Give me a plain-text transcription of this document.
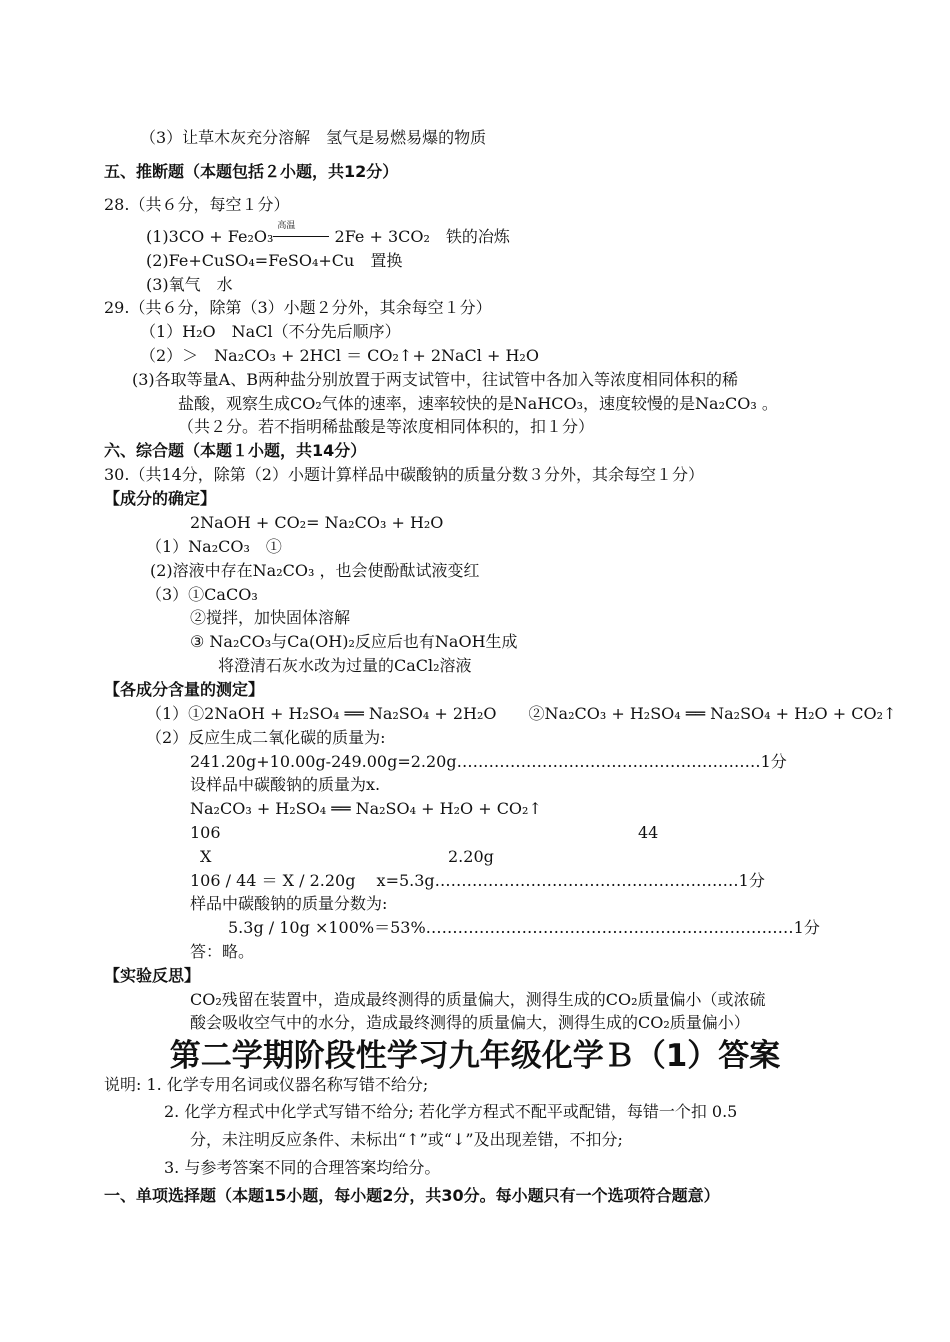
（3）让草木灰充分溶解　氢气是易燃易爆的物质
五、推断题（本题包括２小题，共12分）
28.（共６分，每空１分）
(1)3CO + Fe₂O₃
高温
2Fe + 3CO₂　铁的冶炼
(2)Fe+CuSO₄=FeSO₄+Cu　置换
(3)氧气　水
29.（共６分，除第（3）小题２分外，其余每空１分）
（1）H₂O　NaCl（不分先后顺序）
（2）＞　Na₂CO₃ + 2HCl ＝ CO₂↑+ 2NaCl + H₂O
(3)各取等量A、B两种盐分别放置于两支试管中，往试管中各加入等浓度相同体积的稀
盐酸，观察生成CO₂气体的速率，速率较快的是NaHCO₃，速度较慢的是Na₂CO₃ 。
（共２分。若不指明稀盐酸是等浓度相同体积的，扣１分）
六、综合题（本题１小题，共14分）
30.（共14分，除第（2）小题计算样品中碳酸钠的质量分数３分外，其余每空１分）
【成分的确定】
2NaOH + CO₂= Na₂CO₃ + H₂O
（1）Na₂CO₃　①
(2)溶液中存在Na₂CO₃ ，也会使酚酞试液变红
（3）①CaCO₃
②搅拌，加快固体溶解
③ Na₂CO₃与Ca(OH)₂反应后也有NaOH生成
将澄清石灰水改为过量的CaCl₂溶液
【各成分含量的测定】
（1）①2NaOH + H₂SO₄ ══ Na₂SO₄ + 2H₂O　　②Na₂CO₃ + H₂SO₄ ══ Na₂SO₄ + H₂O + CO₂↑
（2）反应生成二氧化碳的质量为:
241.20g+10.00g-249.00g=2.20g…………………………………………………1分
设样品中碳酸钠的质量为x.
Na₂CO₃ + H₂SO₄ ══ Na₂SO₄ + H₂O + CO₂↑
106	44
X	2.20g
106 / 44 ＝ X / 2.20g　 x=5.3g…………………………………………………1分
样品中碳酸钠的质量分数为:
5.3g / 10g ×100%＝53%……………………………………………………………1分
答：略。
【实验反思】
CO₂残留在装置中，造成最终测得的质量偏大，测得生成的CO₂质量偏小（或浓硫
酸会吸收空气中的水分，造成最终测得的质量偏大，测得生成的CO₂质量偏小）
第二学期阶段性学习九年级化学Ｂ（1）答案
说明: 1. 化学专用名词或仪器名称写错不给分;
2. 化学方程式中化学式写错不给分; 若化学方程式不配平或配错，每错一个扣 0.5
分，未注明反应条件、未标出“↑”或“↓”及出现差错，不扣分;
3. 与参考答案不同的合理答案均给分。
一、单项选择题（本题15小题，每小题2分，共30分。每小题只有一个选项符合题意）
